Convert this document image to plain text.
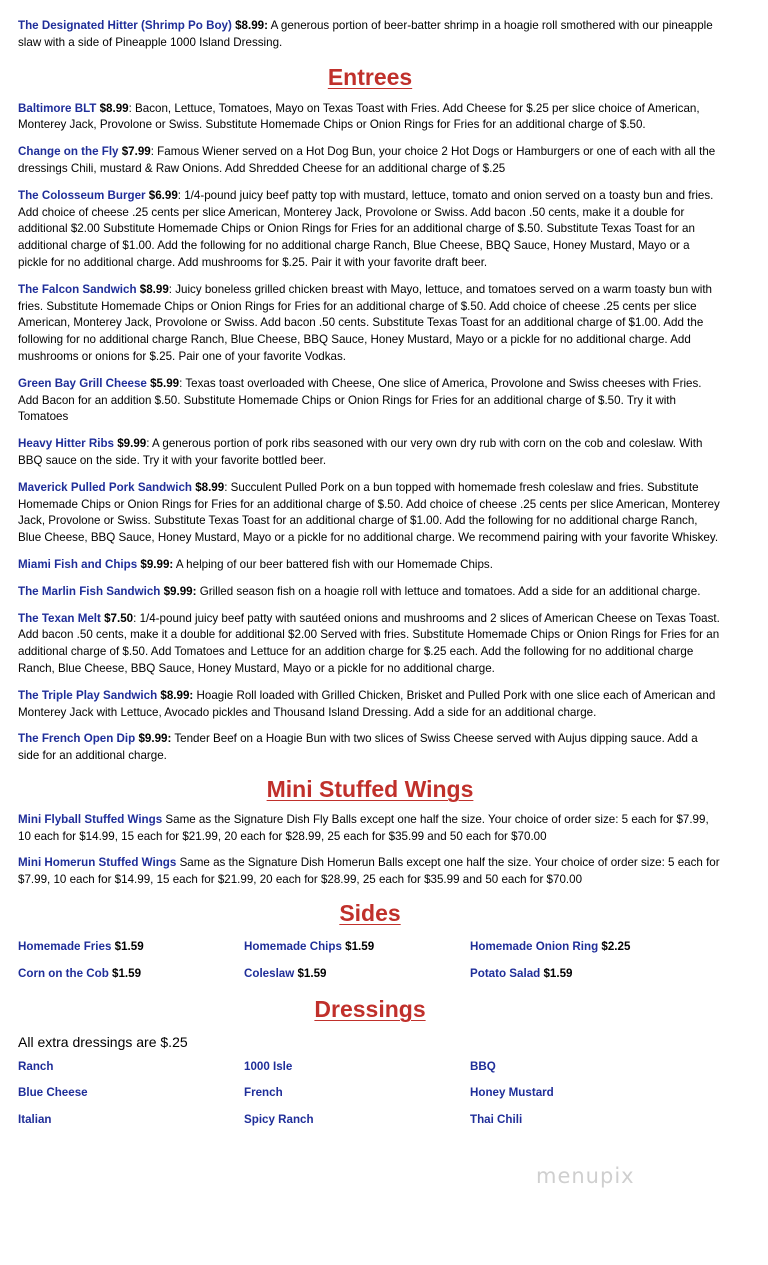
The Designated Hitter (Shrimp Po Boy) $8.99: A generous portion of beer-batter shrimp in a hoagie roll smothered with our pineapple slaw with a side of Pineapple 1000 Island Dressing.

Entrees

Baltimore BLT $8.99: Bacon, Lettuce, Tomatoes, Mayo on Texas Toast with Fries. Add Cheese for $.25 per slice choice of American, Monterey Jack, Provolone or Swiss. Substitute Homemade Chips or Onion Rings for Fries for an additional charge of $.50.

Change on the Fly $7.99: Famous Wiener served on a Hot Dog Bun, your choice 2 Hot Dogs or Hamburgers or one of each with all the dressings Chili, mustard & Raw Onions. Add Shredded Cheese for an additional charge of $.25

The Colosseum Burger $6.99: 1/4-pound juicy beef patty top with mustard, lettuce, tomato and onion served on a toasty bun and fries. Add choice of cheese .25 cents per slice American, Monterey Jack, Provolone or Swiss. Add bacon .50 cents, make it a double for additional $2.00 Substitute Homemade Chips or Onion Rings for Fries for an additional charge of $.50. Substitute Texas Toast for an additional charge of $1.00. Add the following for no additional charge Ranch, Blue Cheese, BBQ Sauce, Honey Mustard, Mayo or a pickle for no additional charge. Add mushrooms for $.25. Pair it with your favorite draft beer.

The Falcon Sandwich $8.99: Juicy boneless grilled chicken breast with Mayo, lettuce, and tomatoes served on a warm toasty bun with fries. Substitute Homemade Chips or Onion Rings for Fries for an additional charge of $.50. Add choice of cheese .25 cents per slice American, Monterey Jack, Provolone or Swiss. Add bacon .50 cents. Substitute Texas Toast for an additional charge of $1.00. Add the following for no additional charge Ranch, Blue Cheese, BBQ Sauce, Honey Mustard, Mayo or a pickle for no additional charge. Add mushrooms or onions for $.25. Pair one of your favorite Vodkas.

Green Bay Grill Cheese $5.99: Texas toast overloaded with Cheese, One slice of America, Provolone and Swiss cheeses with Fries. Add Bacon for an addition $.50. Substitute Homemade Chips or Onion Rings for Fries for an additional charge of $.50. Try it with Tomatoes

Heavy Hitter Ribs $9.99: A generous portion of pork ribs seasoned with our very own dry rub with corn on the cob and coleslaw. With BBQ sauce on the side. Try it with your favorite bottled beer.

Maverick Pulled Pork Sandwich $8.99: Succulent Pulled Pork on a bun topped with homemade fresh coleslaw and fries. Substitute Homemade Chips or Onion Rings for Fries for an additional charge of $.50. Add choice of cheese .25 cents per slice American, Monterey Jack, Provolone or Swiss. Substitute Texas Toast for an additional charge of $1.00. Add the following for no additional charge Ranch, Blue Cheese, BBQ Sauce, Honey Mustard, Mayo or a pickle for no additional charge. We recommend pairing with your favorite Whiskey.

Miami Fish and Chips $9.99: A helping of our beer battered fish with our Homemade Chips.

The Marlin Fish Sandwich $9.99: Grilled season fish on a hoagie roll with lettuce and tomatoes. Add a side for an additional charge.

The Texan Melt $7.50: 1/4-pound juicy beef patty with sautéed onions and mushrooms and 2 slices of American Cheese on Texas Toast. Add bacon .50 cents, make it a double for additional $2.00 Served with fries. Substitute Homemade Chips or Onion Rings for Fries for an additional charge of $.50. Add Tomatoes and Lettuce for an addition charge for $.25 each. Add the following for no additional charge Ranch, Blue Cheese, BBQ Sauce, Honey Mustard, Mayo or a pickle for no additional charge.

The Triple Play Sandwich $8.99: Hoagie Roll loaded with Grilled Chicken, Brisket and Pulled Pork with one slice each of American and Monterey Jack with Lettuce, Avocado pickles and Thousand Island Dressing. Add a side for an additional charge.

The French Open Dip $9.99: Tender Beef on a Hoagie Bun with two slices of Swiss Cheese served with Aujus dipping sauce. Add a side for an additional charge.

Mini Stuffed Wings

Mini Flyball Stuffed Wings Same as the Signature Dish Fly Balls except one half the size. Your choice of order size: 5 each for $7.99, 10 each for $14.99, 15 each for $21.99, 20 each for $28.99, 25 each for $35.99 and 50 each for $70.00

Mini Homerun Stuffed Wings Same as the Signature Dish Homerun Balls except one half the size. Your choice of order size: 5 each for $7.99, 10 each for $14.99, 15 each for $21.99, 20 each for $28.99, 25 each for $35.99 and 50 each for $70.00

Sides
Homemade Fries $1.59	Homemade Chips $1.59	Homemade Onion Ring $2.25
Corn on the Cob $1.59	Coleslaw $1.59	Potato Salad $1.59
Dressings

All extra dressings are $.25

Ranch	1000 Isle	BBQ
Blue Cheese	French	Honey Mustard
Italian	Spicy Ranch	Thai Chili
menupix
